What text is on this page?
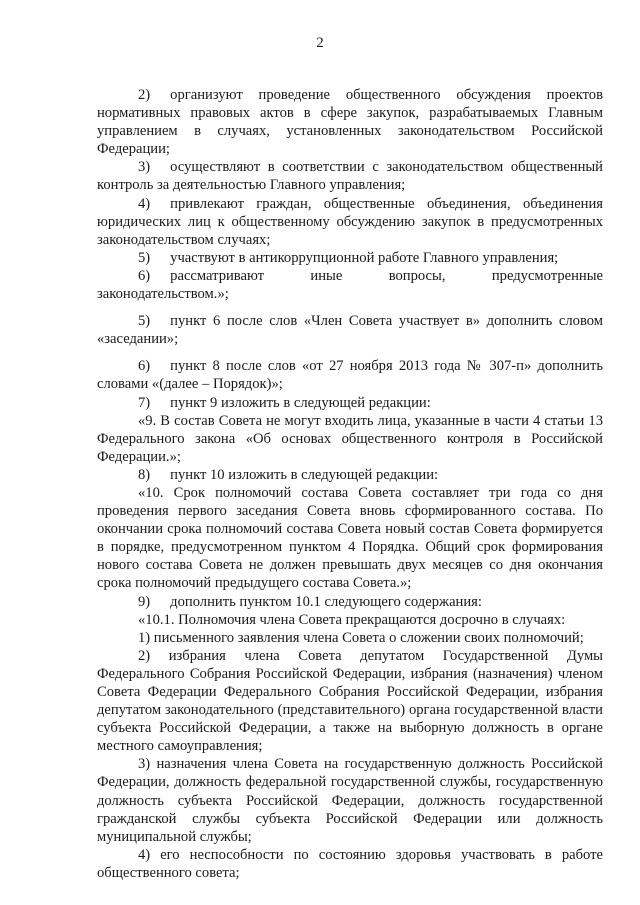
2

2) организуют проведение общественного обсуждения проектов нормативных правовых актов в сфере закупок, разрабатываемых Главным управлением в случаях, установленных законодательством Российской Федерации;

3) осуществляют в соответствии с законодательством общественный контроль за деятельностью Главного управления;

4) привлекают граждан, общественные объединения, объединения юридических лиц к общественному обсуждению закупок в предусмотренных законодательством случаях;

5) участвуют в антикоррупционной работе Главного управления;

6) рассматривают иные вопросы, предусмотренные законодательством.»;

5) пункт 6 после слов «Член Совета участвует в» дополнить словом «заседании»;

6) пункт 8 после слов «от 27 ноября 2013 года № 307-п» дополнить словами «(далее – Порядок)»;

7) пункт 9 изложить в следующей редакции:

«9. В состав Совета не могут входить лица, указанные в части 4 статьи 13 Федерального закона «Об основах общественного контроля в Российской Федерации.»;

8) пункт 10 изложить в следующей редакции:

«10. Срок полномочий состава Совета составляет три года со дня проведения первого заседания Совета вновь сформированного состава. По окончании срока полномочий состава Совета новый состав Совета формируется в порядке, предусмотренном пунктом 4 Порядка. Общий срок формирования нового состава Совета не должен превышать двух месяцев со дня окончания срока полномочий предыдущего состава Совета.»;

9) дополнить пунктом 10.1 следующего содержания:

«10.1. Полномочия члена Совета прекращаются досрочно в случаях:

1) письменного заявления члена Совета о сложении своих полномочий;

2) избрания члена Совета депутатом Государственной Думы Федерального Собрания Российской Федерации, избрания (назначения) членом Совета Федерации Федерального Собрания Российской Федерации, избрания депутатом законодательного (представительного) органа государственной власти субъекта Российской Федерации, а также на выборную должность в органе местного самоуправления;

3) назначения члена Совета на государственную должность Российской Федерации, должность федеральной государственной службы, государственную должность субъекта Российской Федерации, должность государственной гражданской службы субъекта Российской Федерации или должность муниципальной службы;

4) его неспособности по состоянию здоровья участвовать в работе общественного совета;
